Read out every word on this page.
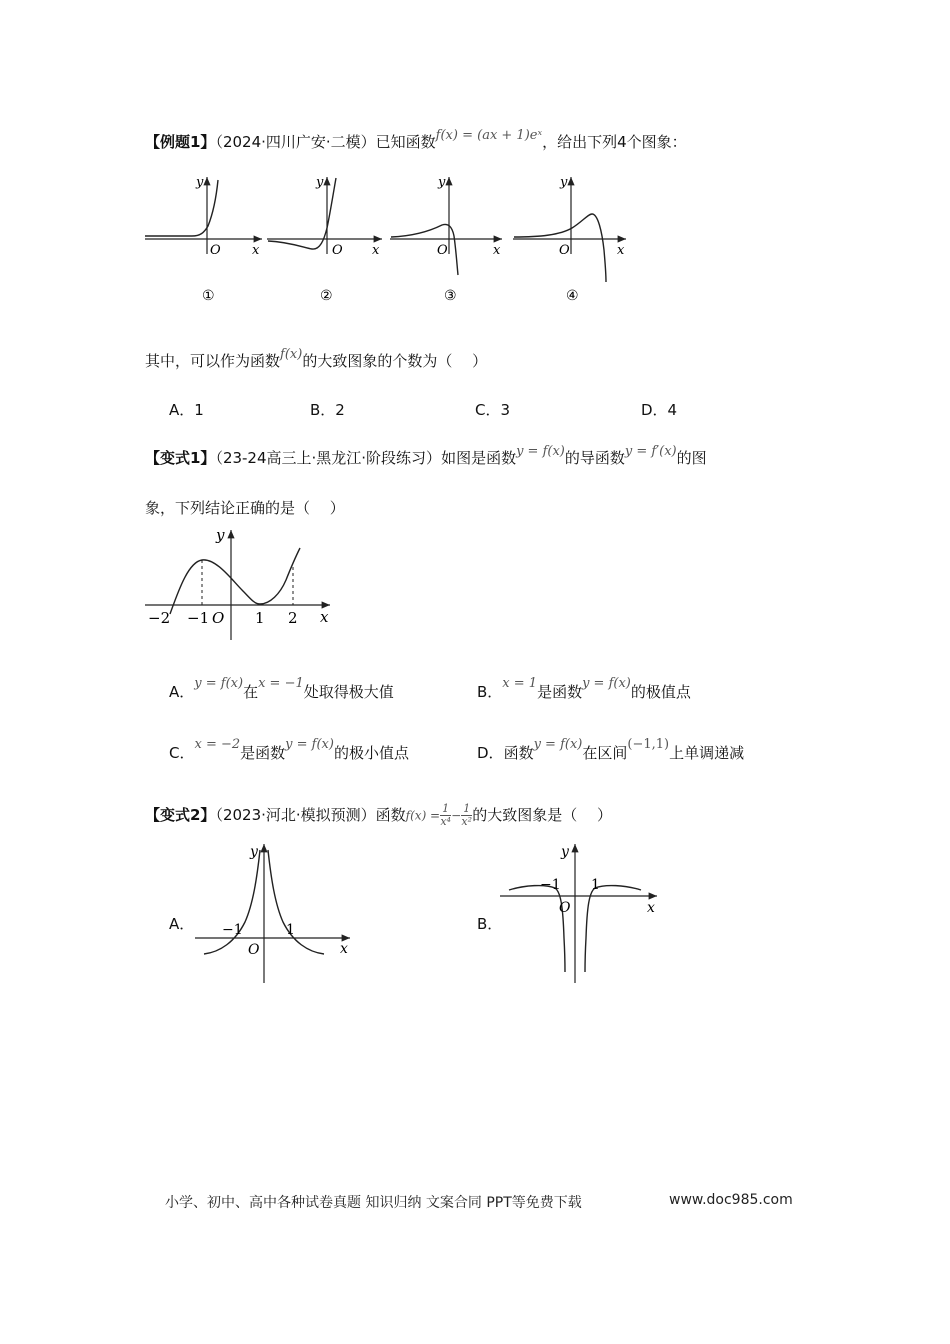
【例题1】（2024·四川广安·二模）已知函数f(x) = (ax + 1)eˣ，给出下列4个图象：
y
x
O
①
y
x
O
②
y
x
O
③
y
x
O
④
其中，可以作为函数f(x)的大致图象的个数为（　 ）
A．1	B．2	C．3	D．4
【变式1】（23-24高三上·黑龙江·阶段练习）如图是函数y = f(x)的导函数y = f′(x)的图
象，下列结论正确的是（　 ）
y
x
−2 −1 O 1 2
A．y = f(x)在x = −1处取得极大值	B．x = 1是函数y = f(x)的极值点
C．x = −2是函数y = f(x)的极小值点	D．函数y = f(x)在区间(−1,1)上单调递减
【变式2】（2023·河北·模拟预测）函数$f(x) = \frac{1}{\text{x⁴}} - \frac{1}{\text{x²}}$ 的大致图象是（　 ）
A．
y
x
−1	1
O
B．
y
x
−1 1
O
小学、初中、高中各种试卷真题 知识归纳 文案合同 PPT等免费下载	www.doc985.com
